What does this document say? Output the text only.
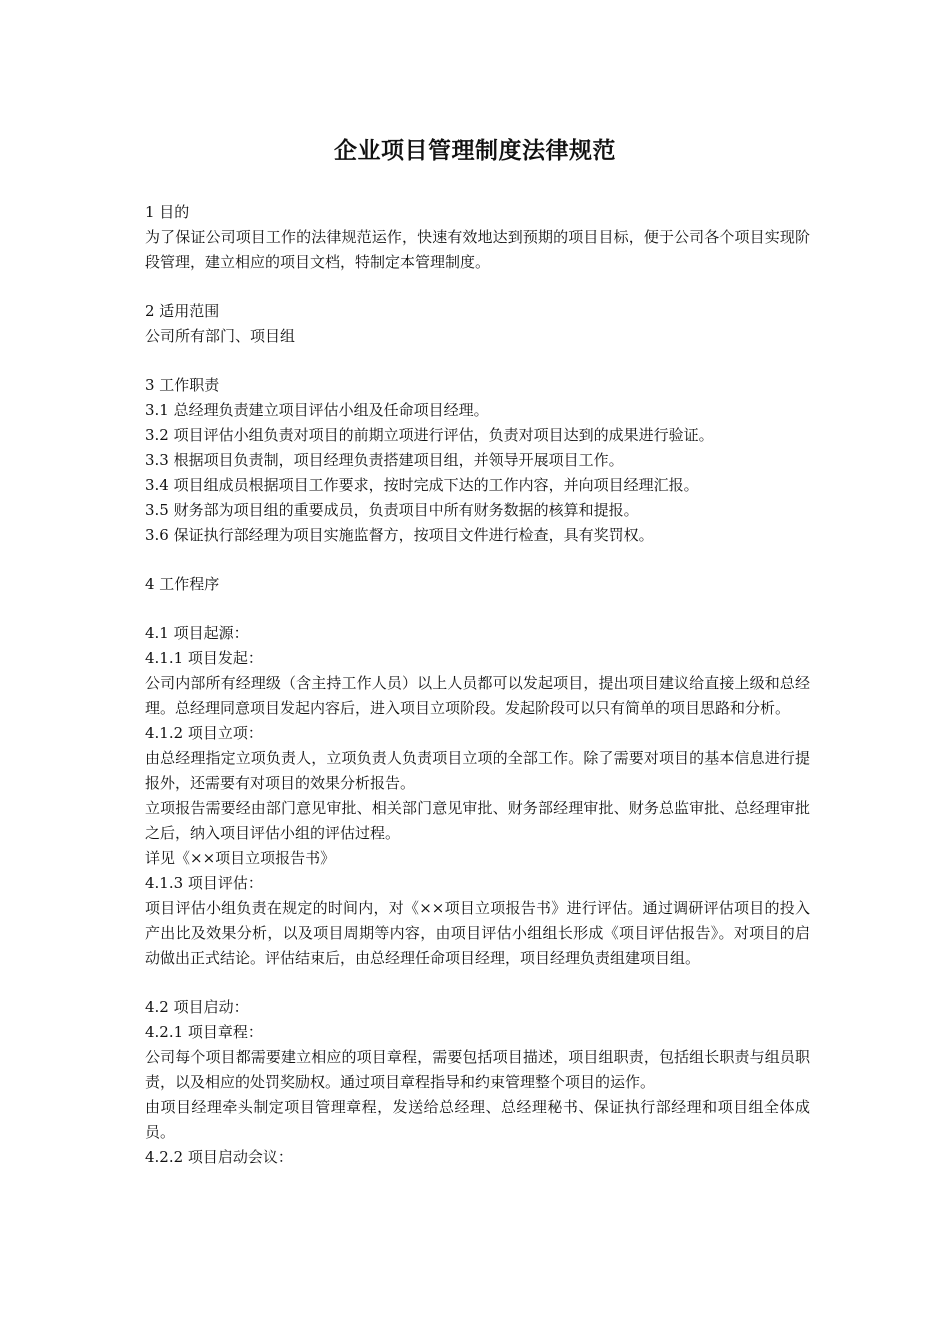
企业项目管理制度法律规范

1 目的

为了保证公司项目工作的法律规范运作，快速有效地达到预期的项目目标，便于公司各个项目实现阶段管理，建立相应的项目文档，特制定本管理制度。

2 适用范围

公司所有部门、项目组

3 工作职责

3.1 总经理负责建立项目评估小组及任命项目经理。

3.2 项目评估小组负责对项目的前期立项进行评估，负责对项目达到的成果进行验证。

3.3 根据项目负责制，项目经理负责搭建项目组，并领导开展项目工作。

3.4 项目组成员根据项目工作要求，按时完成下达的工作内容，并向项目经理汇报。

3.5 财务部为项目组的重要成员，负责项目中所有财务数据的核算和提报。

3.6 保证执行部经理为项目实施监督方，按项目文件进行检查，具有奖罚权。

4 工作程序

4.1 项目起源：

4.1.1 项目发起：

公司内部所有经理级（含主持工作人员）以上人员都可以发起项目，提出项目建议给直接上级和总经理。总经理同意项目发起内容后，进入项目立项阶段。发起阶段可以只有简单的项目思路和分析。

4.1.2 项目立项：

由总经理指定立项负责人，立项负责人负责项目立项的全部工作。除了需要对项目的基本信息进行提报外，还需要有对项目的效果分析报告。

立项报告需要经由部门意见审批、相关部门意见审批、财务部经理审批、财务总监审批、总经理审批之后，纳入项目评估小组的评估过程。

详见《××项目立项报告书》

4.1.3 项目评估：

项目评估小组负责在规定的时间内，对《××项目立项报告书》进行评估。通过调研评估项目的投入产出比及效果分析，以及项目周期等内容，由项目评估小组组长形成《项目评估报告》。对项目的启动做出正式结论。评估结束后，由总经理任命项目经理，项目经理负责组建项目组。

4.2 项目启动：

4.2.1 项目章程：

公司每个项目都需要建立相应的项目章程，需要包括项目描述，项目组职责，包括组长职责与组员职责，以及相应的处罚奖励权。通过项目章程指导和约束管理整个项目的运作。

由项目经理牵头制定项目管理章程，发送给总经理、总经理秘书、保证执行部经理和项目组全体成员。

4.2.2 项目启动会议：
